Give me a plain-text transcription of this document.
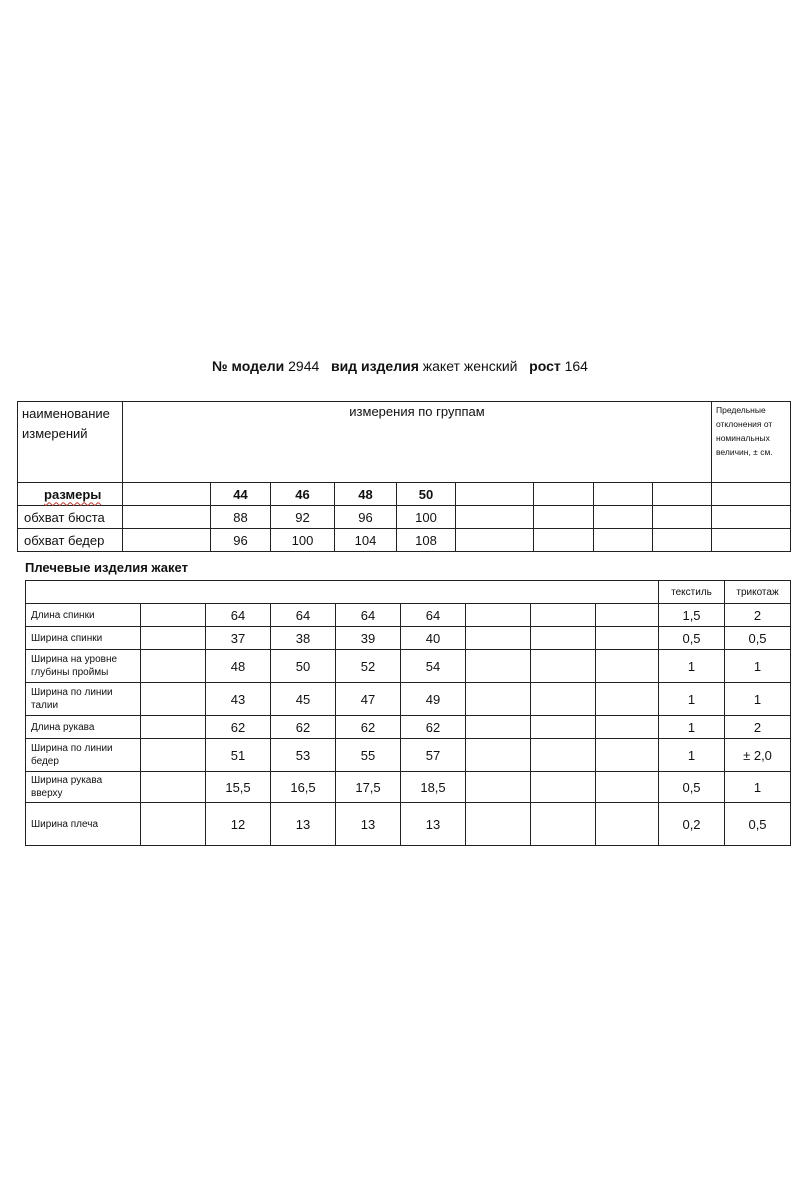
№ модели 2944 вид изделия жакет женский рост 164
наименование измерений	измерения по группам									Предельные отклонения от номинальных величин, ± см.
размеры		44	46	48	50					
обхват бюста		88	92	96	100					
обхват бедер		96	100	104	108					
Плечевые изделия жакет
									текстиль	трикотаж
Длина спинки		64	64	64	64				1,5	2
Ширина спинки		37	38	39	40				0,5	0,5
Ширина на уровне глубины проймы		48	50	52	54				1	1
Ширина по линии талии		43	45	47	49				1	1
Длина рукава		62	62	62	62				1	2
Ширина по линии бедер		51	53	55	57				1	± 2,0
Ширина рукава вверху		15,5	16,5	17,5	18,5				0,5	1
Ширина плеча		12	13	13	13				0,2	0,5
